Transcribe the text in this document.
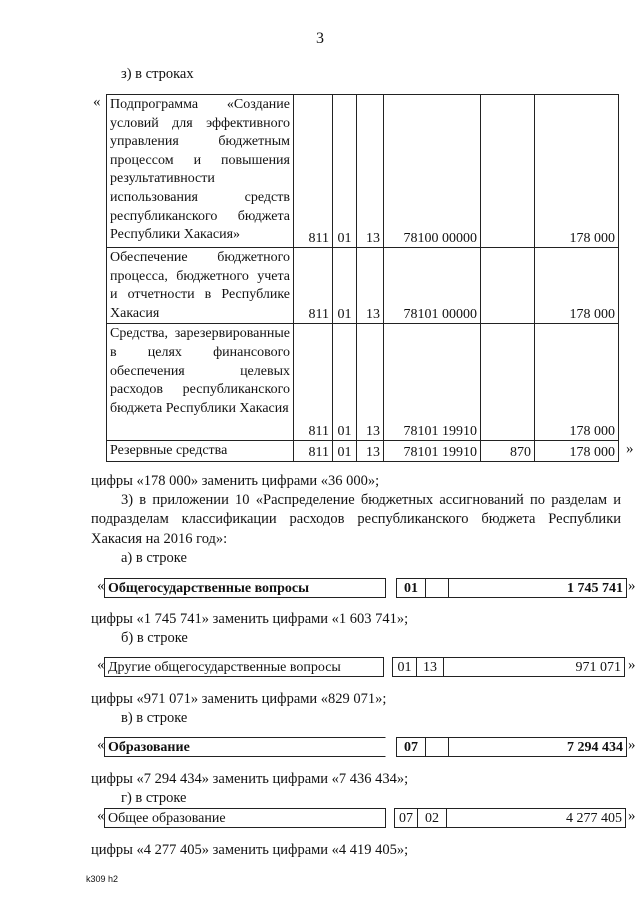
3
з) в строках
«
»
Подпрограмма «Создание условий для эффективного управления бюджетным процессом и повышения результативности использования средств республиканского бюджета Республики Хакасия»	811	01	13	78100 00000		178 000
Обеспечение бюджетного процесса, бюджетного учета и отчетности в Республике Хакасия	811	01	13	78101 00000		178 000
Средства, зарезервированные в целях финансового обеспечения целевых расходов республиканского бюджета Республики Хакасия	811	01	13	78101 19910		178 000
Резервные средства	811	01	13	78101 19910	870	178 000
цифры «178 000» заменить цифрами «36 000»;
3) в приложении 10 «Распределение бюджетных ассигнований по разделам и подразделам классификации расходов республиканского бюджета Республики Хакасия на 2016 год»:
а) в строке
« Общегосударственные вопросы	01	1 745 741 »
цифры «1 745 741» заменить цифрами «1 603 741»;
б) в строке
« Другие общегосударственные вопросы	01 13	971 071 »
цифры «971 071» заменить цифрами «829 071»;
в) в строке
« Образование	07	7 294 434 »
цифры «7 294 434» заменить цифрами «7 436 434»;
г) в строке
« Общее образование	07 02	4 277 405 »
цифры «4 277 405» заменить цифрами «4 419 405»;
k309 h2
